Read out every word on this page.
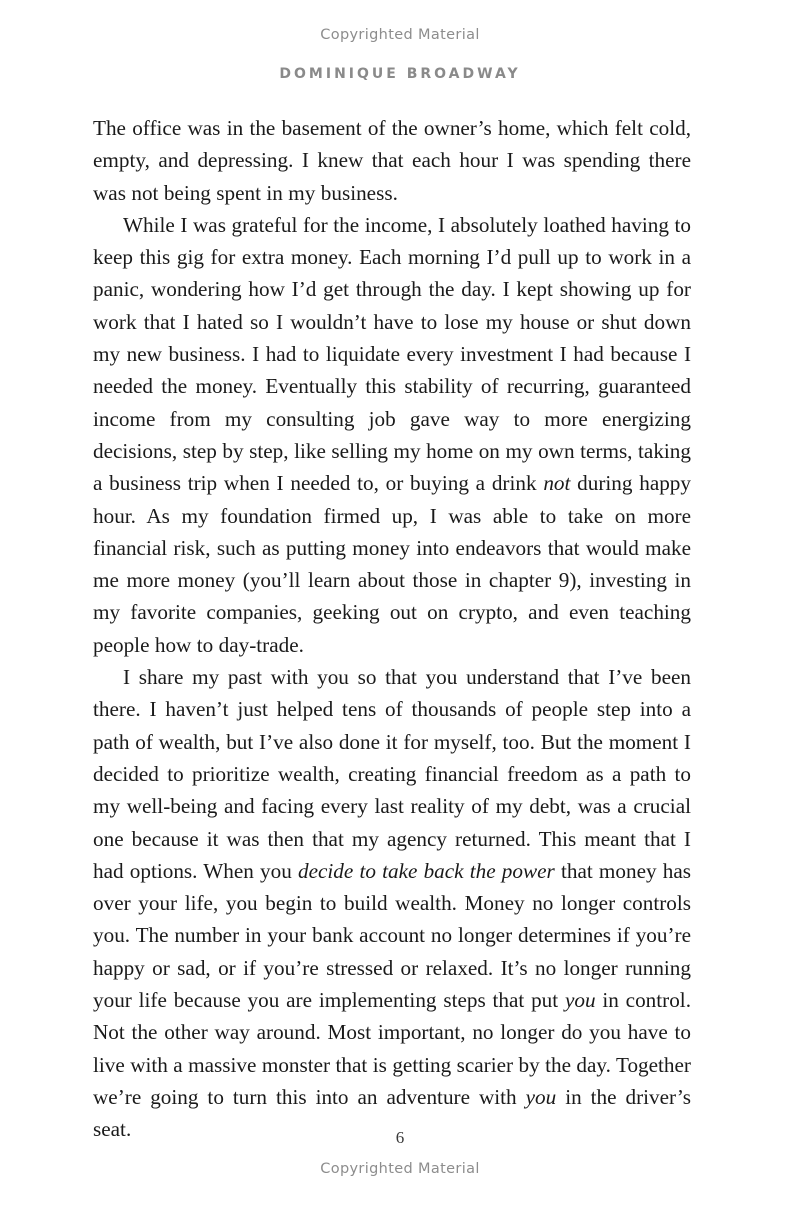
Copyrighted Material
DOMINIQUE BROADWAY

The office was in the basement of the owner’s home, which felt cold, empty, and depressing. I knew that each hour I was spending there was not being spent in my business.

While I was grateful for the income, I absolutely loathed having to keep this gig for extra money. Each morning I’d pull up to work in a panic, wondering how I’d get through the day. I kept showing up for work that I hated so I wouldn’t have to lose my house or shut down my new business. I had to liquidate every investment I had because I needed the money. Eventually this stability of recurring, guaranteed income from my consulting job gave way to more energizing decisions, step by step, like selling my home on my own terms, taking a business trip when I needed to, or buying a drink not during happy hour. As my foundation firmed up, I was able to take on more financial risk, such as putting money into endeavors that would make me more money (you’ll learn about those in chapter 9), investing in my favorite companies, geeking out on crypto, and even teaching people how to day-trade.

I share my past with you so that you understand that I’ve been there. I haven’t just helped tens of thousands of people step into a path of wealth, but I’ve also done it for myself, too. But the moment I decided to prioritize wealth, creating financial freedom as a path to my well-being and facing every last reality of my debt, was a crucial one because it was then that my agency returned. This meant that I had options. When you decide to take back the power that money has over your life, you begin to build wealth. Money no longer controls you. The number in your bank account no longer determines if you’re happy or sad, or if you’re stressed or relaxed. It’s no longer running your life because you are implementing steps that put you in control. Not the other way around. Most important, no longer do you have to live with a massive monster that is getting scarier by the day. Together we’re going to turn this into an adventure with you in the driver’s seat.	6
Copyrighted Material
